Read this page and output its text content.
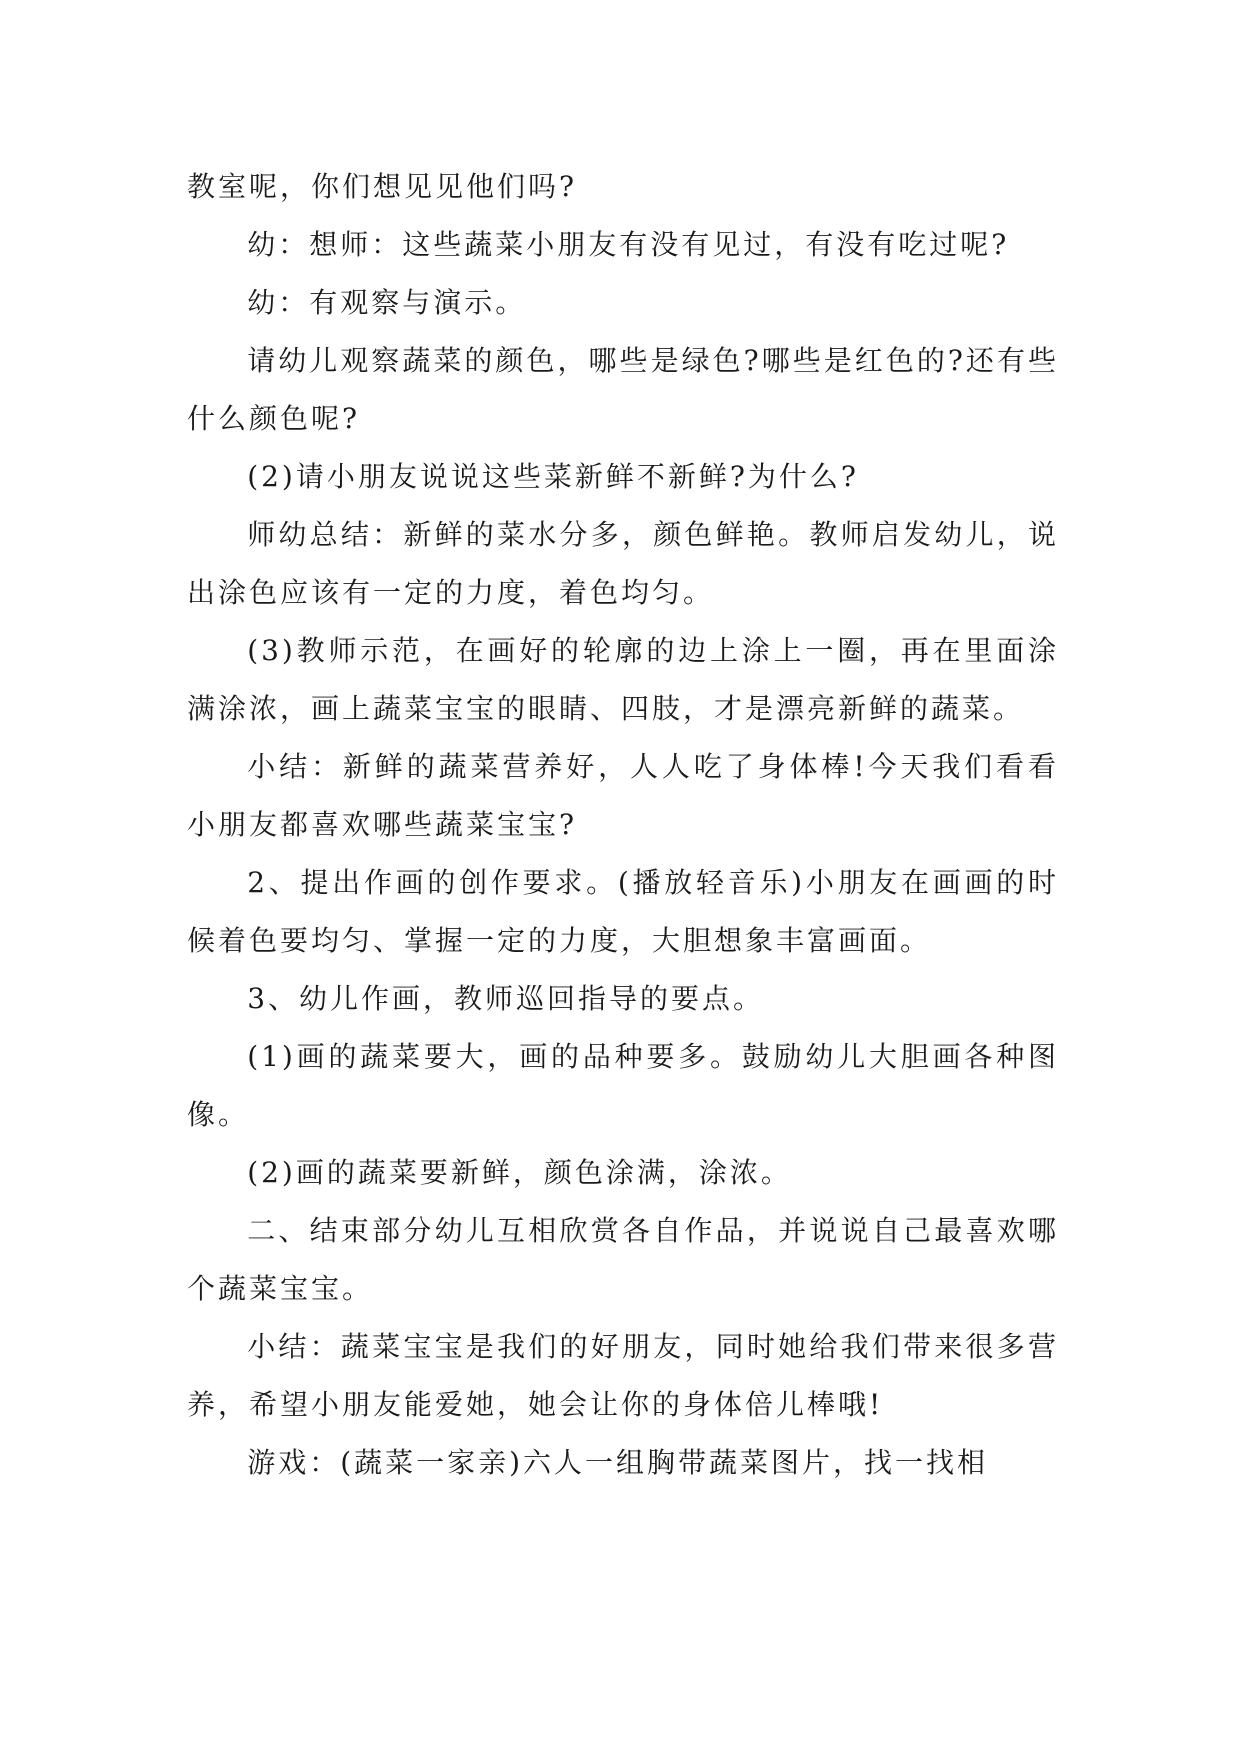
教室呢，你们想见见他们吗?

幼：想师：这些蔬菜小朋友有没有见过，有没有吃过呢?

幼：有观察与演示。

请幼儿观察蔬菜的颜色，哪些是绿色?哪些是红色的?还有些什么颜色呢?

(2)请小朋友说说这些菜新鲜不新鲜?为什么?

师幼总结：新鲜的菜水分多，颜色鲜艳。教师启发幼儿，说出涂色应该有一定的力度，着色均匀。

(3)教师示范，在画好的轮廓的边上涂上一圈，再在里面涂满涂浓，画上蔬菜宝宝的眼睛、四肢，才是漂亮新鲜的蔬菜。

小结：新鲜的蔬菜营养好，人人吃了身体棒!今天我们看看小朋友都喜欢哪些蔬菜宝宝?

2、提出作画的创作要求。(播放轻音乐)小朋友在画画的时候着色要均匀、掌握一定的力度，大胆想象丰富画面。

3、幼儿作画，教师巡回指导的要点。

(1)画的蔬菜要大，画的品种要多。鼓励幼儿大胆画各种图像。

(2)画的蔬菜要新鲜，颜色涂满，涂浓。

二、结束部分幼儿互相欣赏各自作品，并说说自己最喜欢哪个蔬菜宝宝。

小结：蔬菜宝宝是我们的好朋友，同时她给我们带来很多营养，希望小朋友能爱她，她会让你的身体倍儿棒哦!

游戏：(蔬菜一家亲)六人一组胸带蔬菜图片，找一找相
